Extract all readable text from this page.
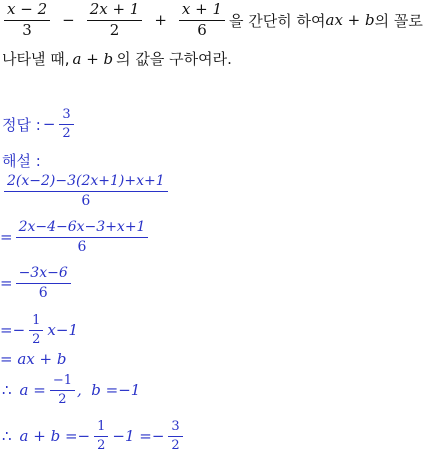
$\frac{x - 2}{3} - \frac{2x + 1}{2} + \frac{x + 1}{6}$ 을 간단히 하여 ax + b 의 꼴로
나타낼 때, a + b 의 값을 구하여라.
정답 : − $\frac{3}{2}$
해설 :
$\frac{2(x-2)-3(2x+1)+x+1}{6}$
= $\frac{2x-4-6x-3+x+1}{6}$
= $\frac{-3x-6}{6}$
=− $\frac{1}{2} x-1$
= ax + b
∴ $a = \frac{-1}{2}$ ,  b =−1
∴ $a + b =- \frac{1}{2} -1 =- \frac{3}{2}$
